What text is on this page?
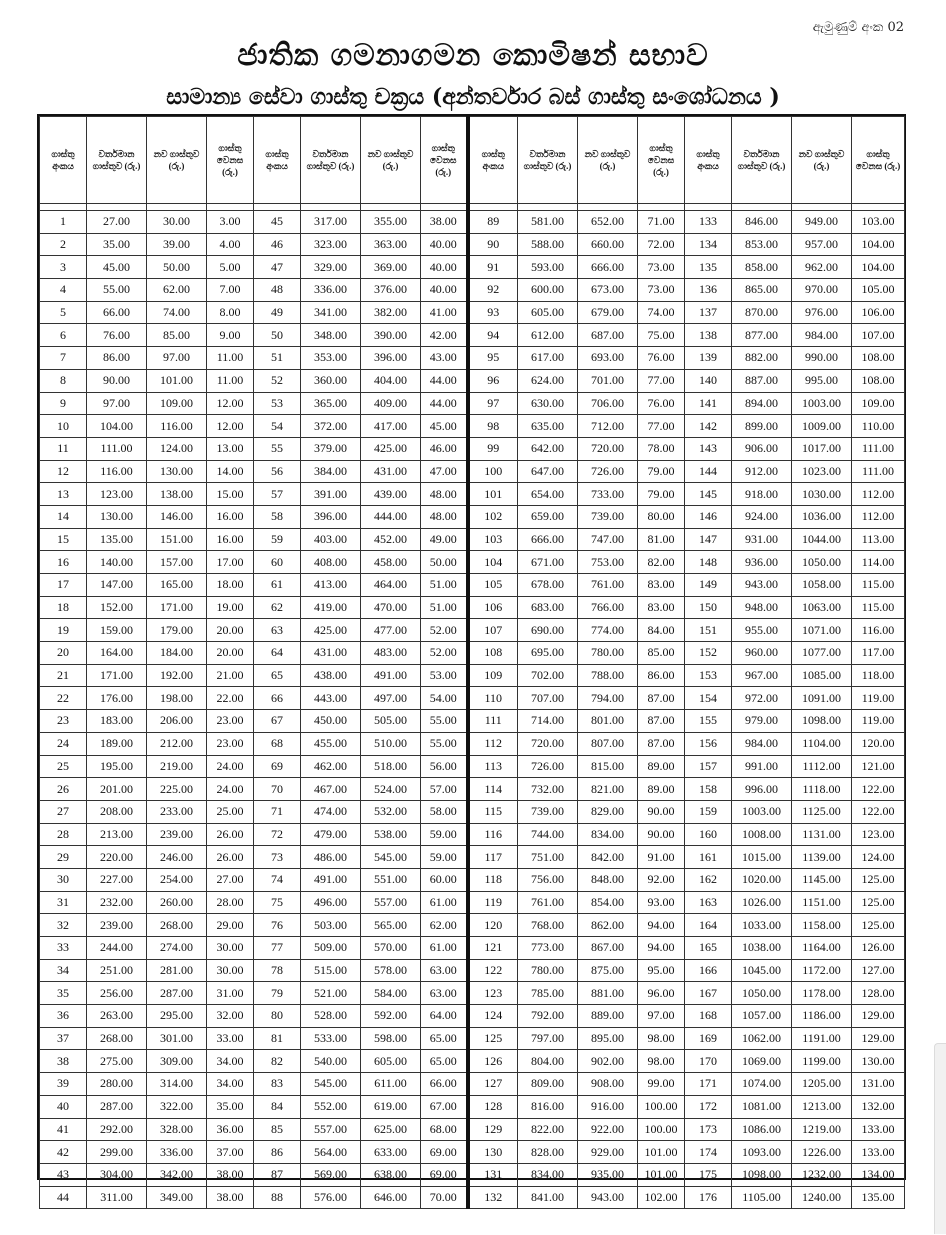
ඇමුණුම් අංක 02
ජාතික ගමනාගමන කොමිෂන් සභාව
සාමාන්‍ය සේවා ගාස්තු චක්‍රය (අන්තර්වාර බස් ගාස්තු සංශෝධනය )
ගාස්තු අංකය	වර්තමාන ගාස්තුව (රු.)	නව ගාස්තුව (රු.)	ගාස්තු වෙනස (රු.)	ගාස්තු අංකය	වර්තමාන ගාස්තුව (රු.)	නව ගාස්තුව (රු.)	ගාස්තු වෙනස (රු.)	ගාස්තු අංකය	වර්තමාන ගාස්තුව (රු.)	නව ගාස්තුව (රු.)	ගාස්තු වෙනස (රු.)	ගාස්තු අංකය	වර්තමාන ගාස්තුව (රු.)	නව ගාස්තුව (රු.)	ගාස්තු වෙනස (රු.)

1	27.00	30.00	3.00	45	317.00	355.00	38.00	89	581.00	652.00	71.00	133	846.00	949.00	103.00
2	35.00	39.00	4.00	46	323.00	363.00	40.00	90	588.00	660.00	72.00	134	853.00	957.00	104.00
3	45.00	50.00	5.00	47	329.00	369.00	40.00	91	593.00	666.00	73.00	135	858.00	962.00	104.00
4	55.00	62.00	7.00	48	336.00	376.00	40.00	92	600.00	673.00	73.00	136	865.00	970.00	105.00
5	66.00	74.00	8.00	49	341.00	382.00	41.00	93	605.00	679.00	74.00	137	870.00	976.00	106.00
6	76.00	85.00	9.00	50	348.00	390.00	42.00	94	612.00	687.00	75.00	138	877.00	984.00	107.00
7	86.00	97.00	11.00	51	353.00	396.00	43.00	95	617.00	693.00	76.00	139	882.00	990.00	108.00
8	90.00	101.00	11.00	52	360.00	404.00	44.00	96	624.00	701.00	77.00	140	887.00	995.00	108.00
9	97.00	109.00	12.00	53	365.00	409.00	44.00	97	630.00	706.00	76.00	141	894.00	1003.00	109.00
10	104.00	116.00	12.00	54	372.00	417.00	45.00	98	635.00	712.00	77.00	142	899.00	1009.00	110.00
11	111.00	124.00	13.00	55	379.00	425.00	46.00	99	642.00	720.00	78.00	143	906.00	1017.00	111.00
12	116.00	130.00	14.00	56	384.00	431.00	47.00	100	647.00	726.00	79.00	144	912.00	1023.00	111.00
13	123.00	138.00	15.00	57	391.00	439.00	48.00	101	654.00	733.00	79.00	145	918.00	1030.00	112.00
14	130.00	146.00	16.00	58	396.00	444.00	48.00	102	659.00	739.00	80.00	146	924.00	1036.00	112.00
15	135.00	151.00	16.00	59	403.00	452.00	49.00	103	666.00	747.00	81.00	147	931.00	1044.00	113.00
16	140.00	157.00	17.00	60	408.00	458.00	50.00	104	671.00	753.00	82.00	148	936.00	1050.00	114.00
17	147.00	165.00	18.00	61	413.00	464.00	51.00	105	678.00	761.00	83.00	149	943.00	1058.00	115.00
18	152.00	171.00	19.00	62	419.00	470.00	51.00	106	683.00	766.00	83.00	150	948.00	1063.00	115.00
19	159.00	179.00	20.00	63	425.00	477.00	52.00	107	690.00	774.00	84.00	151	955.00	1071.00	116.00
20	164.00	184.00	20.00	64	431.00	483.00	52.00	108	695.00	780.00	85.00	152	960.00	1077.00	117.00
21	171.00	192.00	21.00	65	438.00	491.00	53.00	109	702.00	788.00	86.00	153	967.00	1085.00	118.00
22	176.00	198.00	22.00	66	443.00	497.00	54.00	110	707.00	794.00	87.00	154	972.00	1091.00	119.00
23	183.00	206.00	23.00	67	450.00	505.00	55.00	111	714.00	801.00	87.00	155	979.00	1098.00	119.00
24	189.00	212.00	23.00	68	455.00	510.00	55.00	112	720.00	807.00	87.00	156	984.00	1104.00	120.00
25	195.00	219.00	24.00	69	462.00	518.00	56.00	113	726.00	815.00	89.00	157	991.00	1112.00	121.00
26	201.00	225.00	24.00	70	467.00	524.00	57.00	114	732.00	821.00	89.00	158	996.00	1118.00	122.00
27	208.00	233.00	25.00	71	474.00	532.00	58.00	115	739.00	829.00	90.00	159	1003.00	1125.00	122.00
28	213.00	239.00	26.00	72	479.00	538.00	59.00	116	744.00	834.00	90.00	160	1008.00	1131.00	123.00
29	220.00	246.00	26.00	73	486.00	545.00	59.00	117	751.00	842.00	91.00	161	1015.00	1139.00	124.00
30	227.00	254.00	27.00	74	491.00	551.00	60.00	118	756.00	848.00	92.00	162	1020.00	1145.00	125.00
31	232.00	260.00	28.00	75	496.00	557.00	61.00	119	761.00	854.00	93.00	163	1026.00	1151.00	125.00
32	239.00	268.00	29.00	76	503.00	565.00	62.00	120	768.00	862.00	94.00	164	1033.00	1158.00	125.00
33	244.00	274.00	30.00	77	509.00	570.00	61.00	121	773.00	867.00	94.00	165	1038.00	1164.00	126.00
34	251.00	281.00	30.00	78	515.00	578.00	63.00	122	780.00	875.00	95.00	166	1045.00	1172.00	127.00
35	256.00	287.00	31.00	79	521.00	584.00	63.00	123	785.00	881.00	96.00	167	1050.00	1178.00	128.00
36	263.00	295.00	32.00	80	528.00	592.00	64.00	124	792.00	889.00	97.00	168	1057.00	1186.00	129.00
37	268.00	301.00	33.00	81	533.00	598.00	65.00	125	797.00	895.00	98.00	169	1062.00	1191.00	129.00
38	275.00	309.00	34.00	82	540.00	605.00	65.00	126	804.00	902.00	98.00	170	1069.00	1199.00	130.00
39	280.00	314.00	34.00	83	545.00	611.00	66.00	127	809.00	908.00	99.00	171	1074.00	1205.00	131.00
40	287.00	322.00	35.00	84	552.00	619.00	67.00	128	816.00	916.00	100.00	172	1081.00	1213.00	132.00
41	292.00	328.00	36.00	85	557.00	625.00	68.00	129	822.00	922.00	100.00	173	1086.00	1219.00	133.00
42	299.00	336.00	37.00	86	564.00	633.00	69.00	130	828.00	929.00	101.00	174	1093.00	1226.00	133.00
43	304.00	342.00	38.00	87	569.00	638.00	69.00	131	834.00	935.00	101.00	175	1098.00	1232.00	134.00
44	311.00	349.00	38.00	88	576.00	646.00	70.00	132	841.00	943.00	102.00	176	1105.00	1240.00	135.00
